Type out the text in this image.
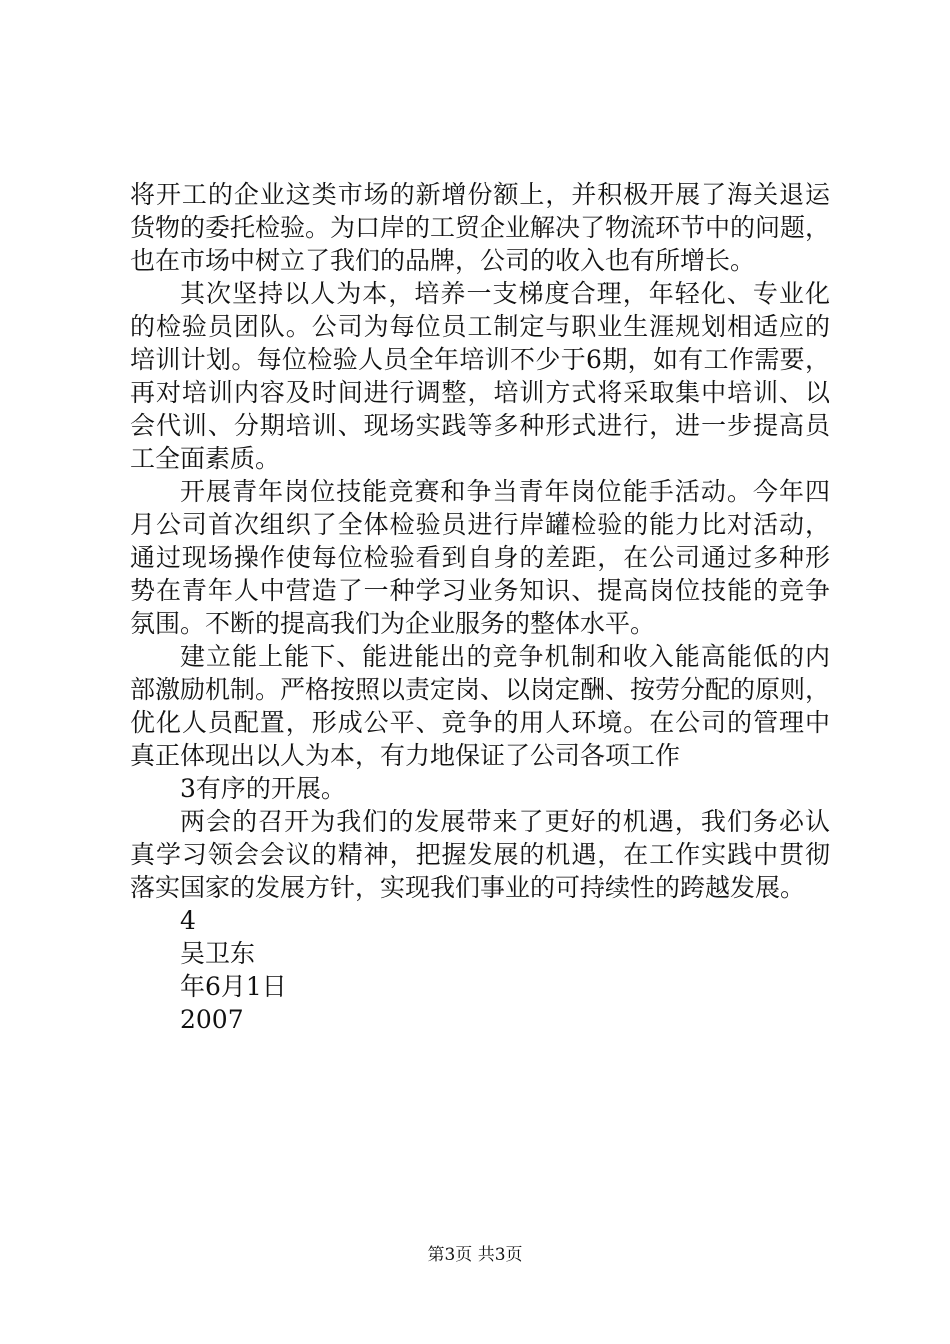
将开工的企业这类市场的新增份额上，并积极开展了海关退运
货物的委托检验。为口岸的工贸企业解决了物流环节中的问题，
也在市场中树立了我们的品牌，公司的收入也有所增长。
其次坚持以人为本，培养一支梯度合理，年轻化、专业化
的检验员团队。公司为每位员工制定与职业生涯规划相适应的
培训计划。每位检验人员全年培训不少于6期，如有工作需要，
再对培训内容及时间进行调整，培训方式将采取集中培训、以
会代训、分期培训、现场实践等多种形式进行，进一步提高员
工全面素质。
开展青年岗位技能竞赛和争当青年岗位能手活动。今年四
月公司首次组织了全体检验员进行岸罐检验的能力比对活动，
通过现场操作使每位检验看到自身的差距，在公司通过多种形
势在青年人中营造了一种学习业务知识、提高岗位技能的竞争
氛围。不断的提高我们为企业服务的整体水平。
建立能上能下、能进能出的竞争机制和收入能高能低的内
部激励机制。严格按照以责定岗、以岗定酬、按劳分配的原则，
优化人员配置，形成公平、竞争的用人环境。在公司的管理中
真正体现出以人为本，有力地保证了公司各项工作
3有序的开展。
两会的召开为我们的发展带来了更好的机遇，我们务必认
真学习领会会议的精神，把握发展的机遇，在工作实践中贯彻
落实国家的发展方针，实现我们事业的可持续性的跨越发展。
4
吴卫东
年6月1日
2007
第3页 共3页
